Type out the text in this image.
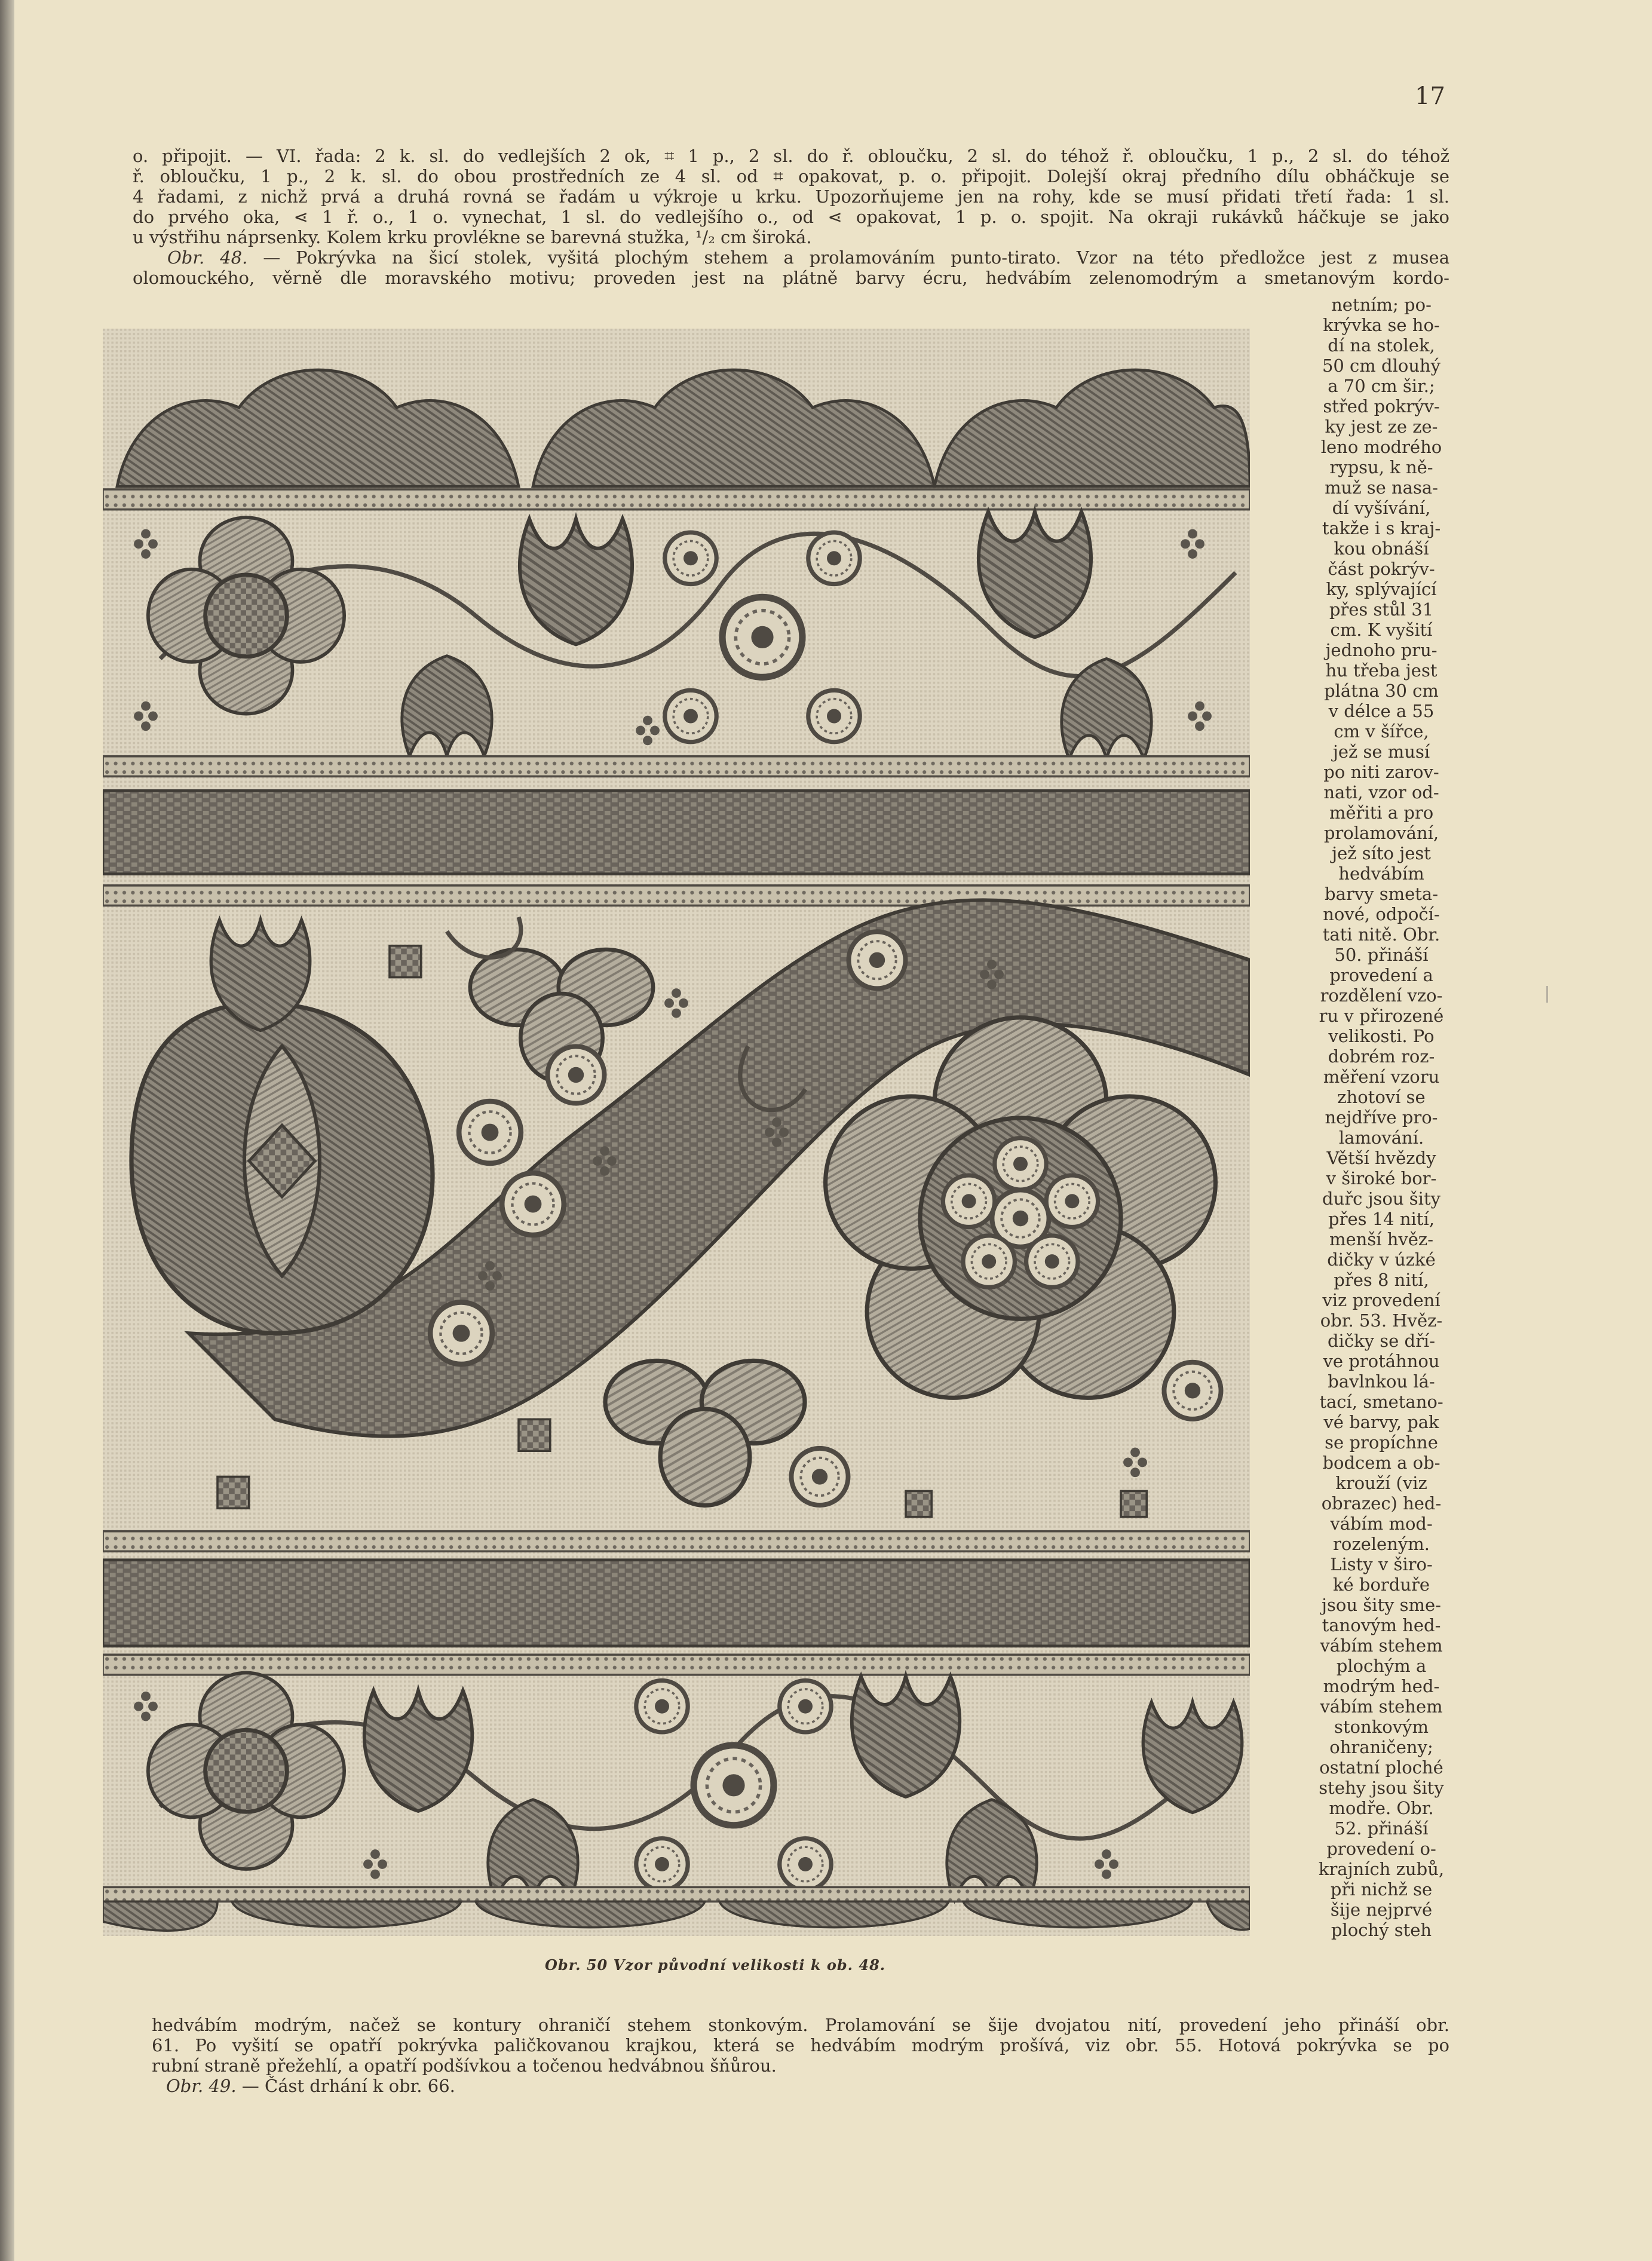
17

o. připojit. — VI. řada: 2 k. sl. do vedlejších 2 ok, ⌗ 1 p., 2 sl. do ř. obloučku, 2 sl. do téhož ř. obloučku, 1 p., 2 sl. do téhož

ř. obloučku, 1 p., 2 k. sl. do obou prostředních ze 4 sl. od ⌗ opakovat, p. o. připojit. Dolejší okraj předního dílu obháčkuje se

4 řadami, z nichž prvá a druhá rovná se řadám u výkroje u krku. Upozorňujeme jen na rohy, kde se musí přidati třetí řada: 1 sl.

do prvého oka, ⋖ 1 ř. o., 1 o. vynechat, 1 sl. do vedlejšího o., od ⋖ opakovat, 1 p. o. spojit. Na okraji rukávků háčkuje se jako

u výstřihu náprsenky. Kolem krku provlékne se barevná stužka, ¹/₂ cm široká.

Obr. 48. — Pokrývka na šicí stolek, vyšitá plochým stehem a prolamováním punto-tirato. Vzor na této předložce jest z musea

olomouckého, věrně dle moravského motivu; proveden jest na plátně barvy écru, hedvábím zelenomodrým a smetanovým kordo-

netním; po-
krývka se ho-
dí na stolek,
50 cm dlouhý
a 70 cm šir.;
střed pokrýv-
ky jest ze ze-
leno modrého
rypsu, k ně-
muž se nasa-
dí vyšívání,
takže i s kraj-
kou obnáší
část pokrýv-
ky, splývající
přes stůl 31
cm. K vyšití
jednoho pru-
hu třeba jest
plátna 30 cm
v délce a 55
cm v šířce,
jež se musí
po niti zarov-
nati, vzor od-
měřiti a pro
prolamování,
jež síto jest
hedvábím
barvy smeta-
nové, odpočí-
tati nitě. Obr.
50. přináší
provedení a
rozdělení vzo-
ru v přirozené
velikosti. Po
dobrém roz-
měření vzoru
zhotoví se
nejdříve pro-
lamování.
Větší hvězdy
v široké bor-
duřc jsou šity
přes 14 nití,
menší hvěz-
dičky v úzké
přes 8 nití,
viz provedení
obr. 53. Hvěz-
dičky se dří-
ve protáhnou
bavlnkou lá-
tací, smetano-
vé barvy, pak
se propíchne
bodcem a ob-
krouží (viz
obrazec) hed-
vábím mod-
rozeleným.
Listy v širo-
ké borduře
jsou šity sme-
tanovým hed-
vábím stehem
plochým a
modrým hed-
vábím stehem
stonkovým
ohraničeny;
ostatní ploché
stehy jsou šity
modře. Obr.
52. přináší
provedení o-
krajních zubů,
při nichž se
šije nejprvé
plochý steh
Obr. 50 Vzor původní velikosti k ob. 48.

hedvábím modrým, načež se kontury ohraničí stehem stonkovým. Prolamování se šije dvojatou nití, provedení jeho přináší obr.

61. Po vyšití se opatří pokrývka paličkovanou krajkou, která se hedvábím modrým prošívá, viz obr. 55. Hotová pokrývka se po

rubní straně přežehlí, a opatří podšívkou a točenou hedvábnou šňůrou.

Obr. 49. — Část drhání k obr. 66.
